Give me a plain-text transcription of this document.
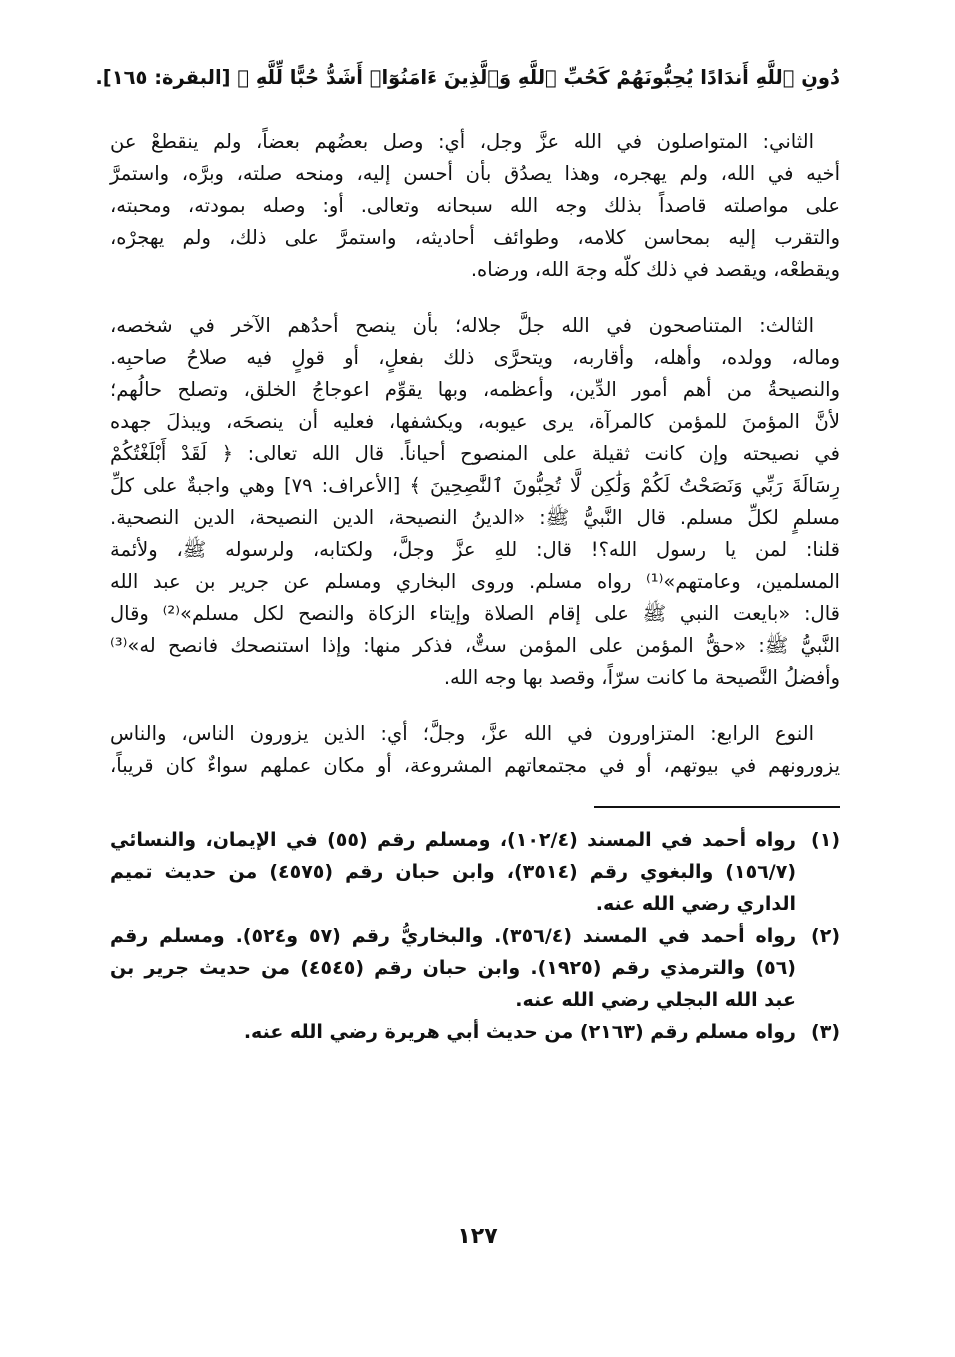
دُونِ ٱللَّهِ أَندَادًا يُحِبُّونَهُمْ كَحُبِّ ٱللَّهِ وَٱلَّذِينَ ءَامَنُوٓا۟ أَشَدُّ حُبًّا لِّلَّهِ ﴾ [البقرة: ١٦٥].
الثاني: المتواصلون في الله عزَّ وجل، أي: وصل بعضُهم بعضاً، ولم ينقطعْ عن
أخيه في الله، ولم يهجره، وهذا يصدُق بأن أحسن إليه، ومنحه صلته، وبرَّه، واستمرَّ
على مواصلته قاصداً بذلك وجه الله سبحانه وتعالى. أو: وصله بمودته، ومحبته،
والتقرب إليه بمحاسن كلامه، وطوائف أحاديثه، واستمرَّ على ذلك، ولم يهجرْه،
ويقطعْه، ويقصد في ذلك كلّه وجهَ الله، ورضاه.
الثالث: المتناصحون في الله جلَّ جلاله؛ بأن ينصح أحدُهم الآخر في شخصه،
وماله، وولده، وأهله، وأقاربه، ويتحرَّى ذلك بفعلٍ، أو قولٍ فيه صلاحُ صاحبِه.
والنصيحةُ من أهم أمور الدِّين، وأعظمه، وبها يقوِّم اعوجاجُ الخلق، وتصلح حالُهم؛
لأنَّ المؤمنَ للمؤمن كالمرآة، يرى عيوبه، ويكشفها، فعليه أن ينصحَه، ويبذلَ جهده
في نصيحته وإن كانت ثقيلة على المنصوح أحياناً. قال الله تعالى: ﴿ لَقَدْ أَبْلَغْتُكُمْ
رِسَالَةَ رَبِّي وَنَصَحْتُ لَكُمْ وَلَٰكِن لَّا تُحِبُّونَ ٱلنَّٰصِحِينَ ﴾ [الأعراف: ٧٩] وهي واجبةٌ على كلِّ
مسلمٍ لكلِّ مسلم. قال النَّبيُّ ﷺ: «الدينُ النصيحة، الدين النصيحة، الدين النصحية.
قلنا: لمن يا رسول الله؟! قال: للهِ عزَّ وجلَّ، ولكتابه، ولرسوله ﷺ، ولأئمة
المسلمين، وعامتهم»⁽¹⁾ رواه مسلم. وروى البخاري ومسلم عن جرير بن عبد الله
قال: «بايعت النبي ﷺ على إقام الصلاة وإيتاء الزكاة والنصح لكل مسلم»⁽²⁾ وقال
النَّبيُّ ﷺ: «حقُّ المؤمن على المؤمن ستٌّ، فذكر منها: وإذا استنصحك فانصح له»⁽³⁾
وأفضلُ النَّصيحة ما كانت سرّاً، وقصد بها وجه الله.
النوع الرابع: المتزاورون في الله عزَّ، وجلَّ؛ أي: الذين يزورون الناس، والناس
يزورونهم في بيوتهم، أو في مجتمعاتهم المشروعة، أو مكان عملهم سواءٌ كان قريباً،
(١)
رواه أحمد في المسند (١٠٢/٤)، ومسلم رقم (٥٥) في الإيمان، والنسائي
(١٥٦/٧) والبغوي رقم (٣٥١٤)، وابن حبان رقم (٤٥٧٥) من حديث تميم
الداري رضي الله عنه.
(٢)
رواه أحمد في المسند (٣٥٦/٤). والبخاريُّ رقم (٥٧ و٥٢٤). ومسلم رقم
(٥٦) والترمذي رقم (١٩٢٥). وابن حبان رقم (٤٥٤٥) من حديث جرير بن
عبد الله البجلي رضي الله عنه.
(٣)
رواه مسلم رقم (٢١٦٣) من حديث أبي هريرة رضي الله عنه.
١٢٧
